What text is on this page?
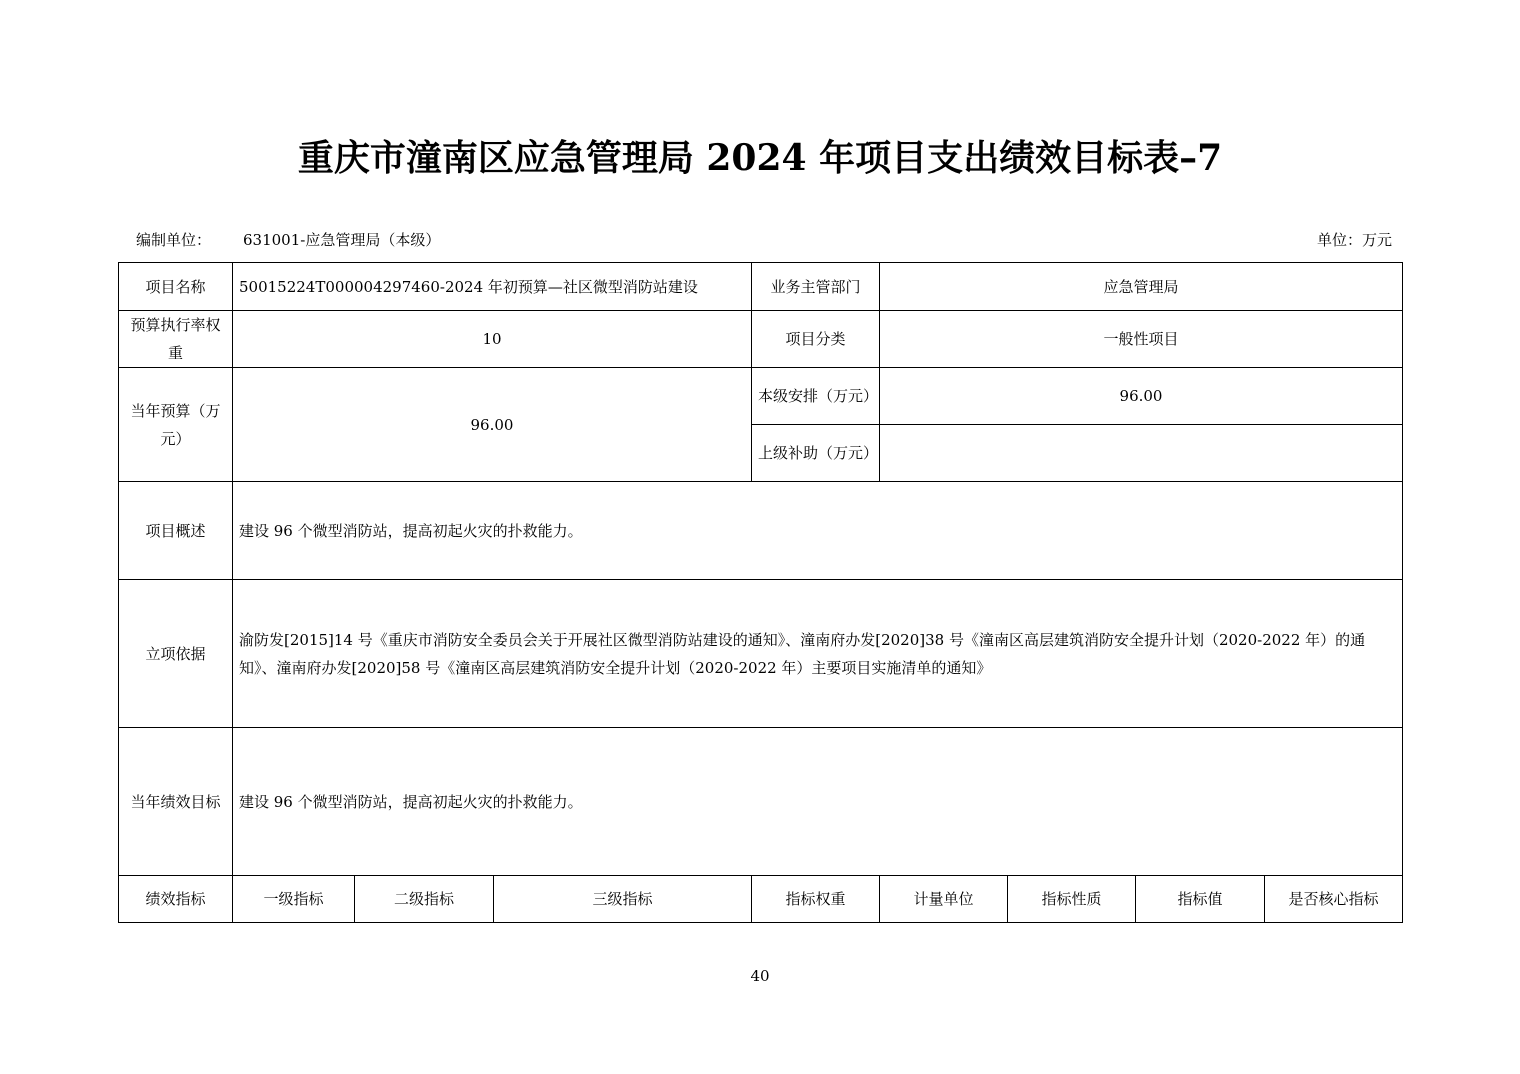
重庆市潼南区应急管理局 2024 年项目支出绩效目标表–7
编制单位： 631001-应急管理局（本级）	单位：万元
项目名称	50015224T000004297460-2024 年初预算—社区微型消防站建设			业务主管部门	应急管理局			
预算执行率权重	10			项目分类	一般性项目			
当年预算（万元）	96.00			本级安排（万元）	96.00			
				上级补助（万元）				
项目概述	建设 96 个微型消防站，提高初起火灾的扑救能力。							
立项依据	渝防发[2015]14 号《重庆市消防安全委员会关于开展社区微型消防站建设的通知》、潼南府办发[2020]38 号《潼南区高层建筑消防安全提升计划（2020-2022 年）的通知》、潼南府办发[2020]58 号《潼南区高层建筑消防安全提升计划（2020-2022 年）主要项目实施清单的通知》							
当年绩效目标	建设 96 个微型消防站，提高初起火灾的扑救能力。							
绩效指标	一级指标	二级指标	三级指标	指标权重	计量单位	指标性质	指标值	是否核心指标
40
